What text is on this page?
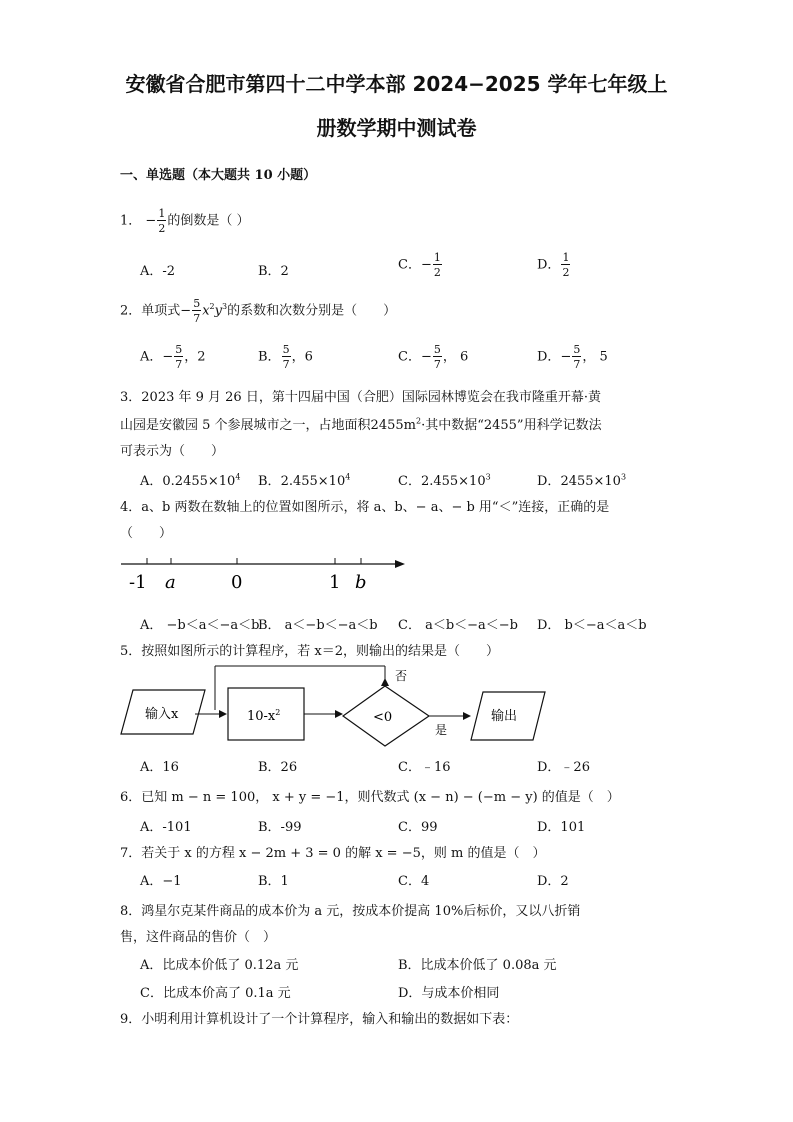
安徽省合肥市第四十二中学本部 2024−2025 学年七年级上
册数学期中测试卷
一、单选题（本大题共 10 小题）
1． − $\frac{1}{2}$ 的倒数是（ ）
A．-2	B．2	C．− $\frac{1}{2}$	D． $\frac{1}{2}$
2．单项式− $\frac{5}{7} x^2y^3$的系数和次数分别是（　　）
A．− $\frac{5}{7}$ ，2	B． $\frac{5}{7}$ ，6	C．− $\frac{5}{7}$ ， 6	D．− $\frac{5}{7}$ ， 5
3．2023 年 9 月 26 日，第十四届中国（合肥）国际园林博览会在我市隆重开幕·黄
山园是安徽园 5 个参展城市之一，占地面积$2455m^2\cdot$其中数据“2455”用科学记数法
可表示为（　　）
A．$0.2455\times 10^4$ B．$2.455\times 10^4$	C．$2.455\times 10^3$	D．$2455\times 10^3$
4．a、b 两数在数轴上的位置如图所示，将 a、b、− a、− b 用“＜”连接，正确的是
（　　）
-1 a	0	1 b
A． −b＜a＜−a＜b
B． a＜−b＜−a＜b C． a＜b＜−a＜−b D． b＜−a＜a＜b
5．按照如图所示的计算程序，若 x＝2，则输出的结果是（　　）
输入x	$10-x^2$	<0
否
是
输出
A．16	B．26	C．﹣16	D．﹣26
6．已知 m − n = 100， x + y = −1，则代数式 (x − n) − (−m − y) 的值是（　）
A．-101	B．-99	C．99	D．101
7．若关于 x 的方程 x − 2m + 3 = 0 的解 x = −5，则 m 的值是（　）
A．−1	B．1	C．4	D．2
8．鸿星尔克某件商品的成本价为 a 元，按成本价提高 10%后标价，又以八折销
售，这件商品的售价（　）
A．比成本价低了 0.12a 元	B．比成本价低了 0.08a 元
C．比成本价高了 0.1a 元	D．与成本价相同
9．小明利用计算机设计了一个计算程序，输入和输出的数据如下表：
